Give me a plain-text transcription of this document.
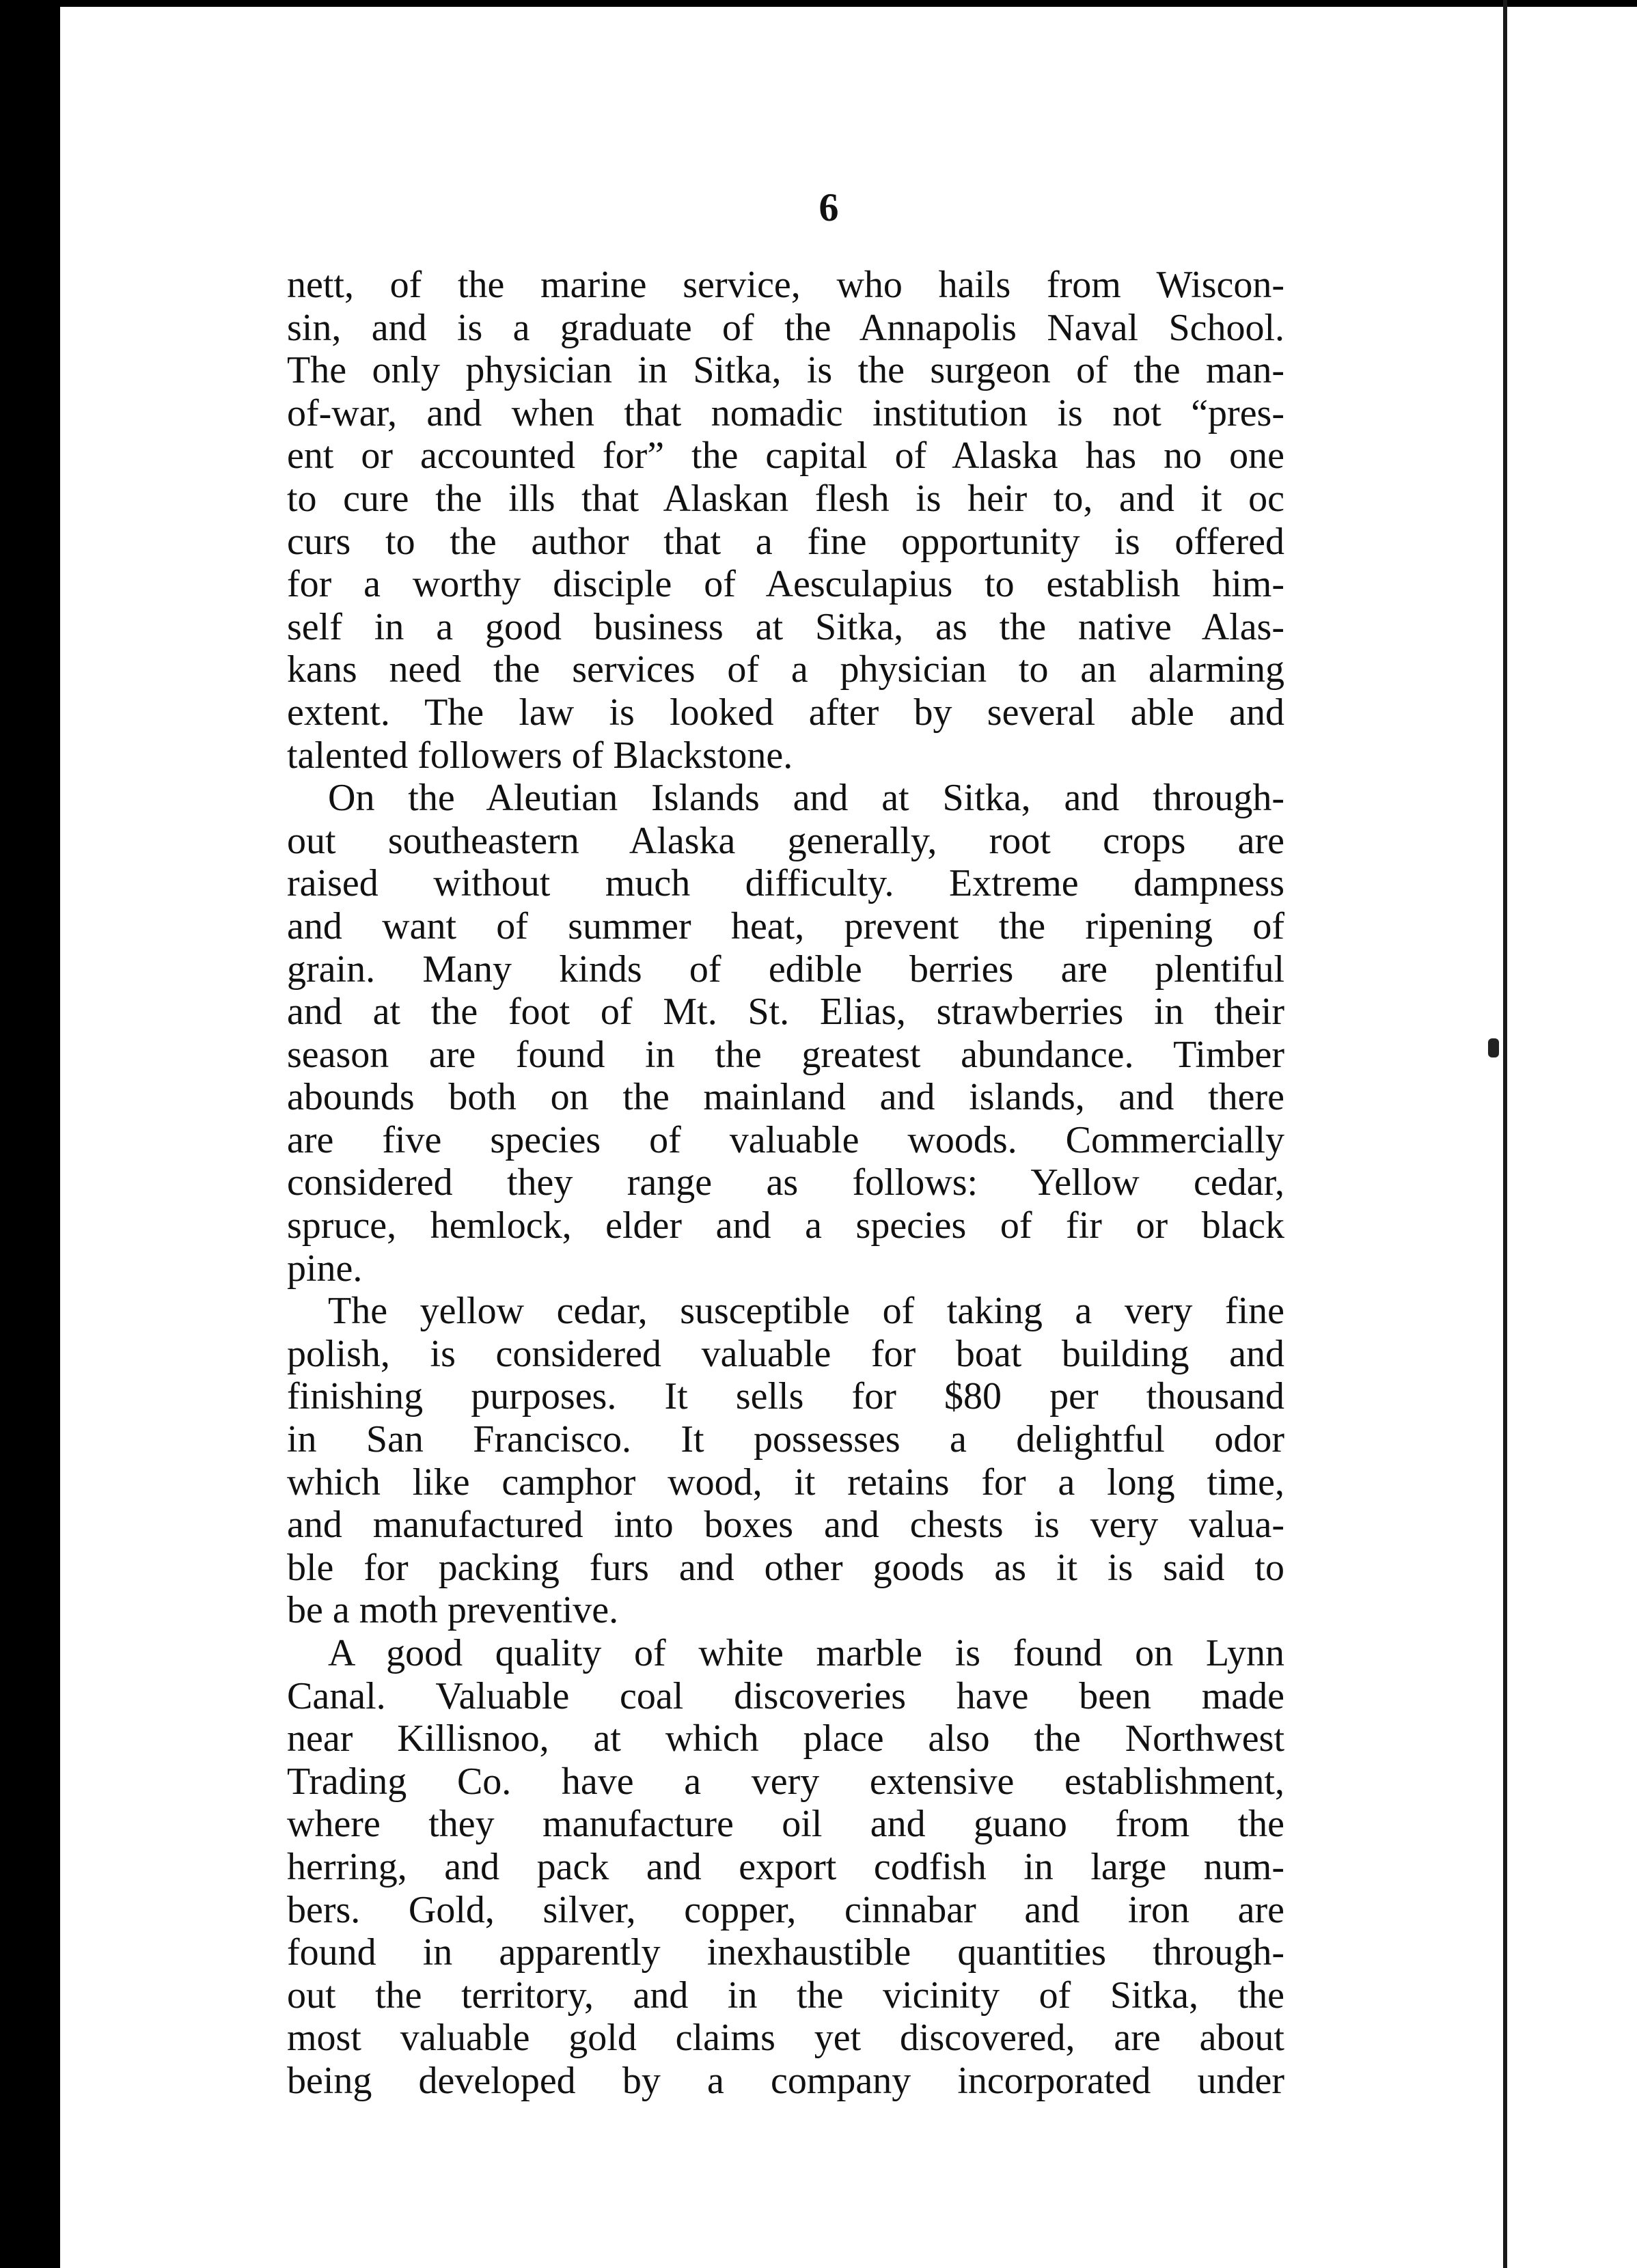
6
nett, of the marine service, who hails from Wiscon-
sin, and is a graduate of the Annapolis Naval School.
The only physician in Sitka, is the surgeon of the man-
of-war, and when that nomadic institution is not “pres-
ent or accounted for” the capital of Alaska has no one
to cure the ills that Alaskan flesh is heir to, and it oc
curs to the author that a fine opportunity is offered
for a worthy disciple of Aesculapius to establish him-
self in a good business at Sitka, as the native Alas-
kans need the services of a physician to an alarming
extent. The law is looked after by several able and
talented followers of Blackstone.
On the Aleutian Islands and at Sitka, and through-
out southeastern Alaska generally, root crops are
raised without much difficulty. Extreme dampness
and want of summer heat, prevent the ripening of
grain. Many kinds of edible berries are plentiful
and at the foot of Mt. St. Elias, strawberries in their
season are found in the greatest abundance. Timber
abounds both on the mainland and islands, and there
are five species of valuable woods. Commercially
considered they range as follows: Yellow cedar,
spruce, hemlock, elder and a species of fir or black
pine.
The yellow cedar, susceptible of taking a very fine
polish, is considered valuable for boat building and
finishing purposes. It sells for $80 per thousand
in San Francisco. It possesses a delightful odor
which like camphor wood, it retains for a long time,
and manufactured into boxes and chests is very valua-
ble for packing furs and other goods as it is said to
be a moth preventive.
A good quality of white marble is found on Lynn
Canal. Valuable coal discoveries have been made
near Killisnoo, at which place also the Northwest
Trading Co. have a very extensive establishment,
where they manufacture oil and guano from the
herring, and pack and export codfish in large num-
bers. Gold, silver, copper, cinnabar and iron are
found in apparently inexhaustible quantities through-
out the territory, and in the vicinity of Sitka, the
most valuable gold claims yet discovered, are about
being developed by a company incorporated under
